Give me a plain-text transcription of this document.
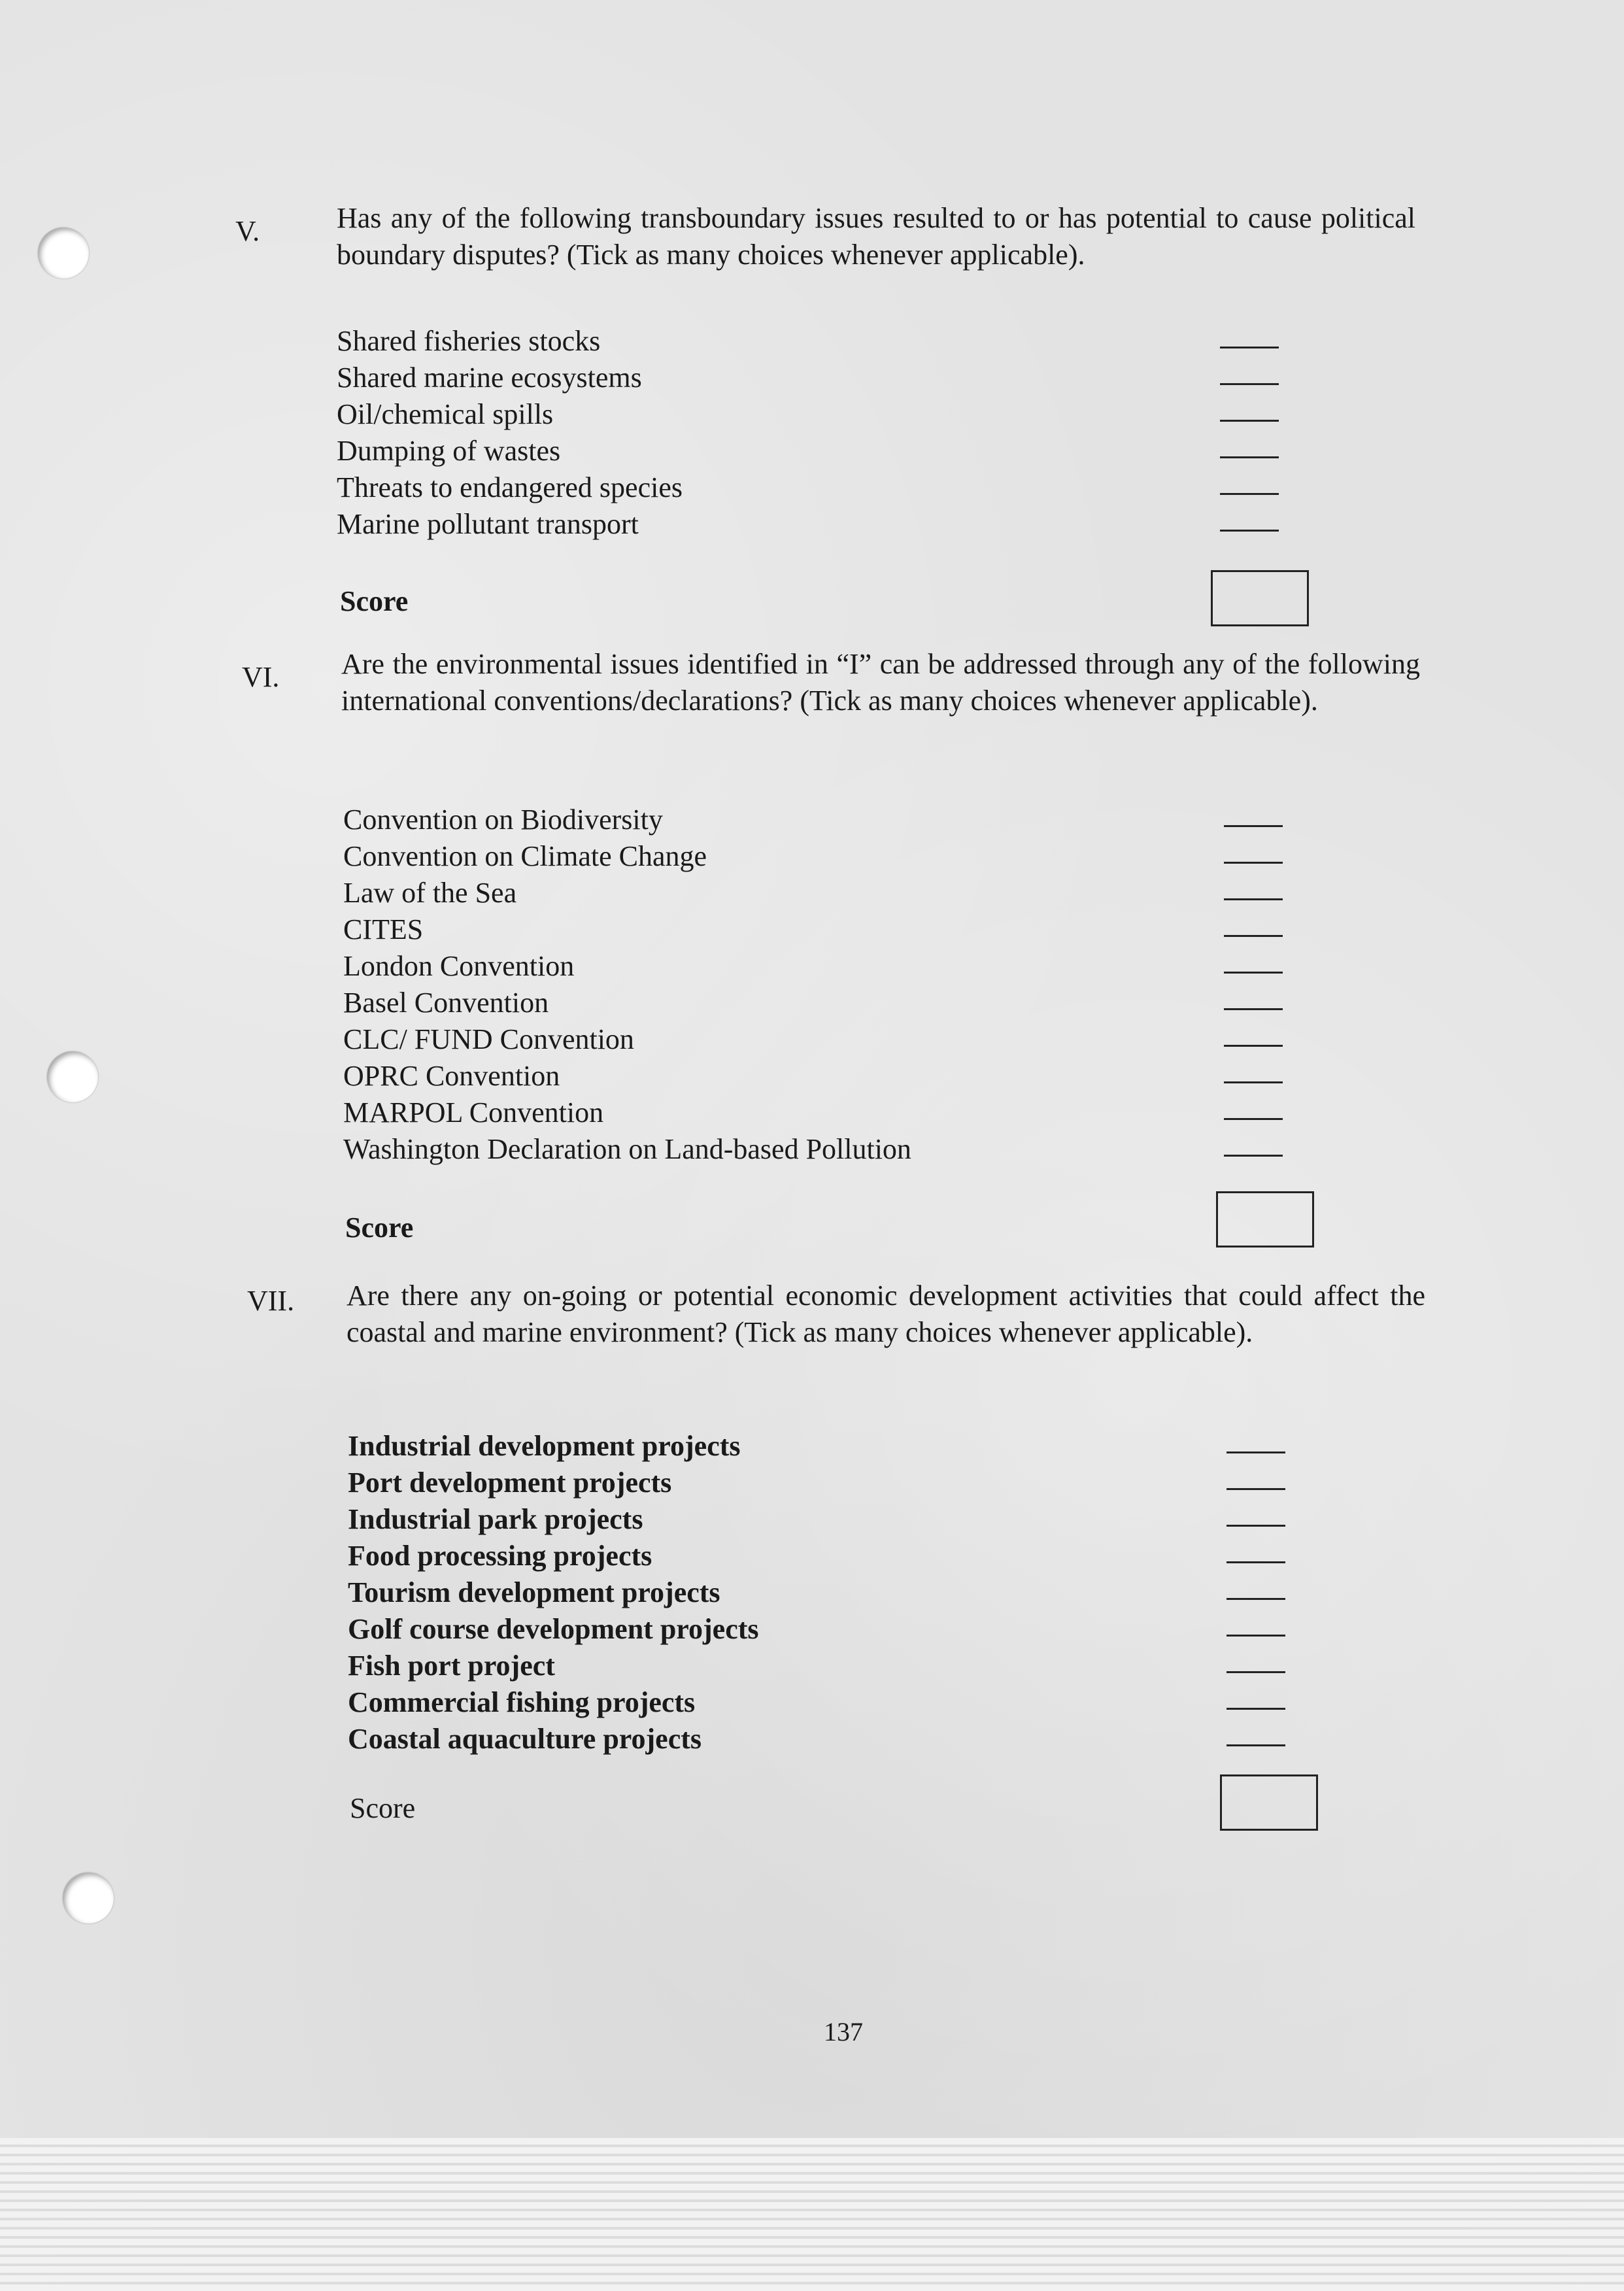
V.	Has any of the following transboundary issues resulted to or has potential to cause political boundary disputes? (Tick as many choices whenever applicable).
Shared fisheries stocks
Shared marine ecosystems
Oil/chemical spills
Dumping of wastes
Threats to endangered species
Marine pollutant transport
Score
VI. Are the environmental issues identified in “I” can be addressed through any of the following international conventions/declarations? (Tick as many choices whenever applicable).
Convention on Biodiversity
Convention on Climate Change
Law of the Sea
CITES
London Convention
Basel Convention
CLC/ FUND Convention
OPRC Convention
MARPOL Convention
Washington Declaration on Land-based Pollution
Score
VII. Are there any on-going or potential economic development activities that could affect the coastal and marine environment? (Tick as many choices whenever applicable).
Industrial development projects
Port development projects
Industrial park projects
Food processing projects
Tourism development projects
Golf course development projects
Fish port project
Commercial fishing projects
Coastal aquaculture projects
Score
137
